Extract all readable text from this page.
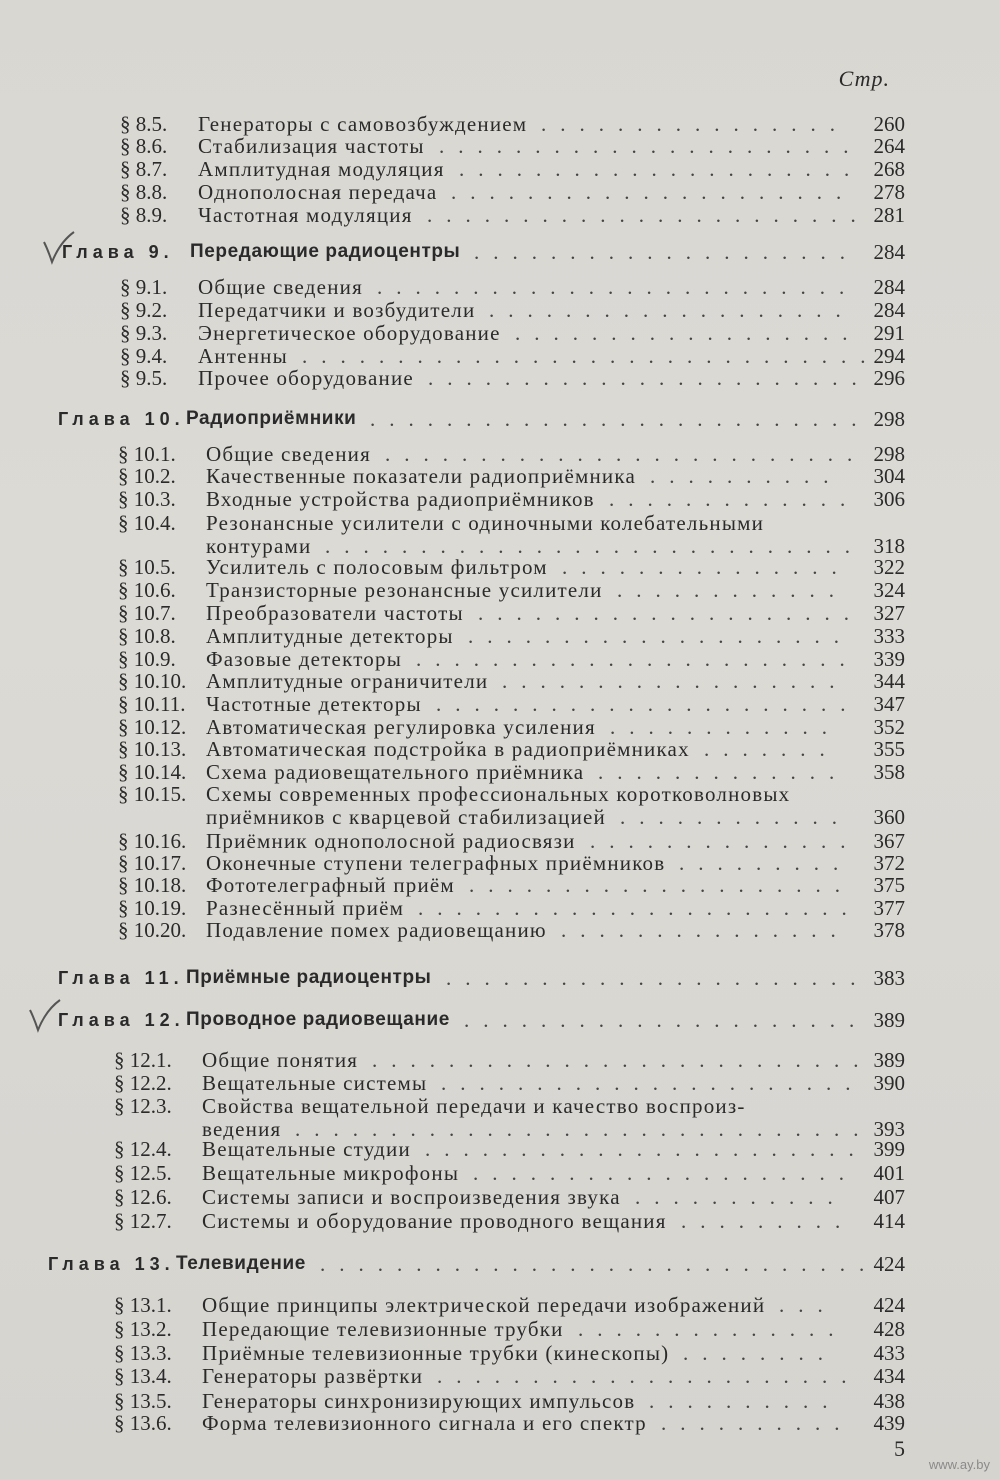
Стр.
§ 8.5. Генераторы с самовозбуждением	260
................
§ 8.6. Стабилизация частоты	264
......................
§ 8.7. Амплитудная модуляция	268
.....................
§ 8.8. Однополосная передача	278
.....................
§ 8.9. Частотная модуляция	281
.......................
Глава 9. Передающие радиоцентры	284
....................
§ 9.1. Общие сведения	284
.........................
§ 9.2. Передатчики и возбудители	284
...................
§ 9.3. Энергетическое оборудование	291
..................
§ 9.4. Антенны	294
..............................
§ 9.5. Прочее оборудование	296
.......................
Глава 10. Радиоприёмники	298
..........................
§ 10.1. Общие сведения	298
.........................
§ 10.2. Качественные показатели радиоприёмника	304
..........
§ 10.3. Входные устройства радиоприёмников	306
.............
§ 10.4. Резонансные усилители с одиночными колебательными
контурами	318
............................
§ 10.5. Усилитель с полосовым фильтром	322
...............
§ 10.6. Транзисторные резонансные усилители	324
............
§ 10.7. Преобразователи частоты	327
....................
§ 10.8. Амплитудные детекторы	333
....................
§ 10.9. Фазовые детекторы	339
.......................
§ 10.10. Амплитудные ограничители	344
..................
§ 10.11. Частотные детекторы	347
......................
§ 10.12. Автоматическая регулировка усиления	352
............
§ 10.13. Автоматическая подстройка в радиоприёмниках	355
.......
§ 10.14. Схема радиовещательного приёмника	358
.............
§ 10.15. Схемы современных профессиональных коротковолновых
приёмников с кварцевой стабилизацией	360
............
§ 10.16. Приёмник однополосной радиосвязи	367
..............
§ 10.17. Оконечные ступени телеграфных приёмников	372
.........
§ 10.18. Фототелеграфный приём	375
....................
§ 10.19. Разнесённый приём	377
.......................
§ 10.20. Подавление помех радиовещанию	378
...............
Глава 11. Приёмные радиоцентры	383
......................
Глава 12. Проводное радиовещание	389
.....................
§ 12.1. Общие понятия	389
..........................
§ 12.2. Вещательные системы	390
......................
§ 12.3. Свойства вещательной передачи и качество воспроиз-
ведения	393
..............................
§ 12.4. Вещательные студии	399
.......................
§ 12.5. Вещательные микрофоны	401
....................
§ 12.6. Системы записи и воспроизведения звука	407
...........
§ 12.7. Системы и оборудование проводного вещания	414
.........
Глава 13. Телевидение	424
.............................
§ 13.1. Общие принципы электрической передачи изображений	424
...
§ 13.2. Передающие телевизионные трубки	428
..............
§ 13.3. Приёмные телевизионные трубки (кинескопы)	433
........
§ 13.4. Генераторы развёртки	434
......................
§ 13.5. Генераторы синхронизирующих импульсов	438
..........
§ 13.6. Форма телевизионного сигнала и его спектр	439
..........
5
www.ay.by
